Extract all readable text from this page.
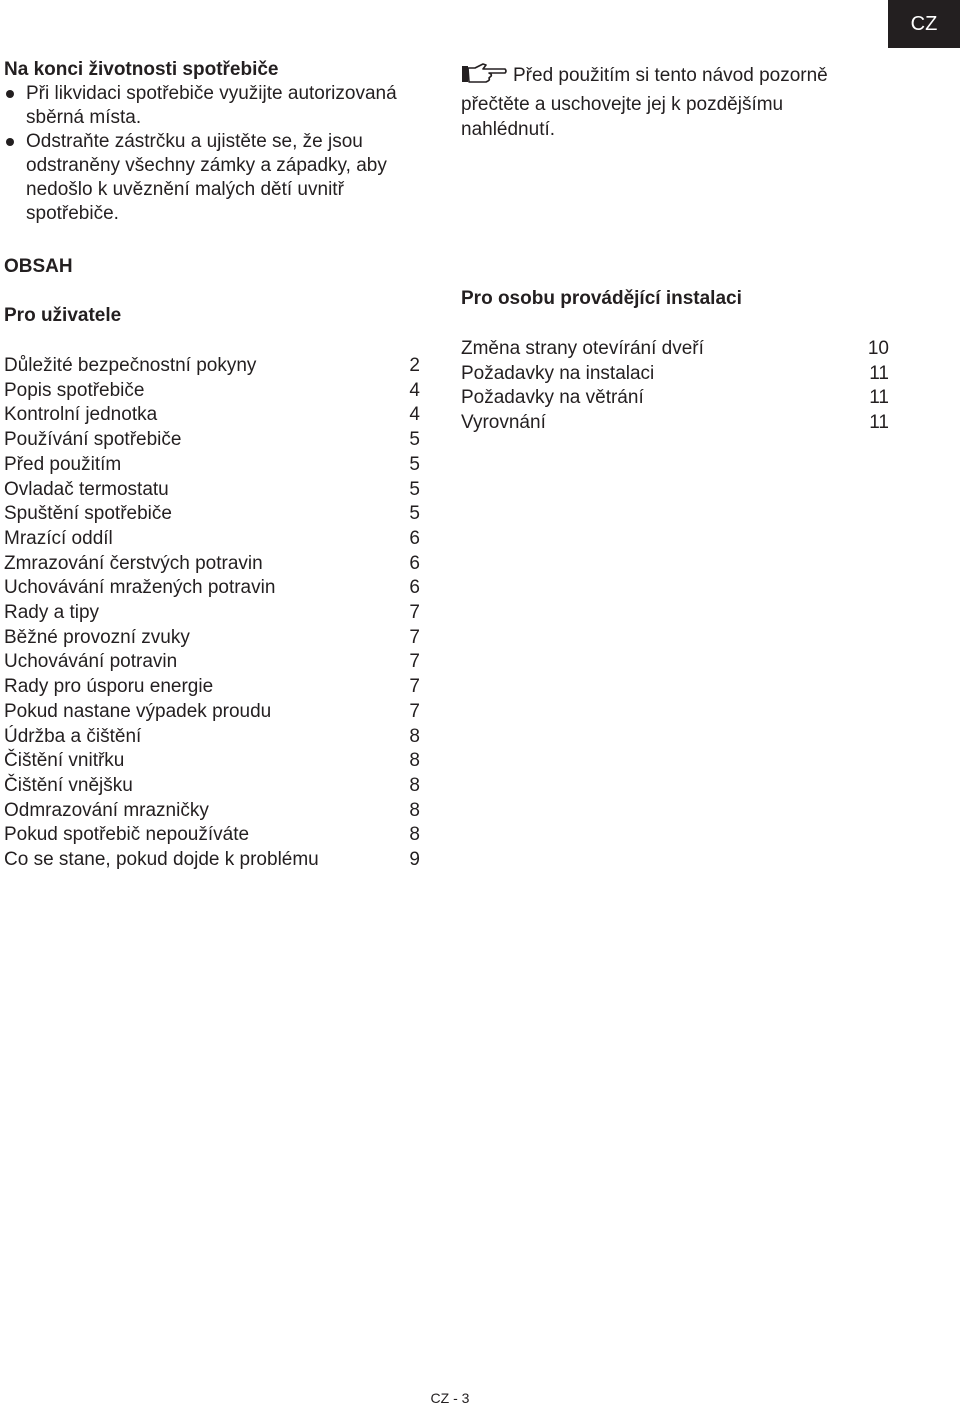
CZ
Na konci životnosti spotřebiče
Při likvidaci spotřebiče využijte autorizovaná sběrná místa.
Odstraňte zástrčku a ujistěte se, že jsou odstraněny všechny zámky a západky, aby nedošlo k uvěznění malých dětí uvnitř spotřebiče.
Před použitím si tento návod pozorně přečtěte a uschovejte jej k pozdějšímu nahlédnutí.
OBSAH
Pro uživatele
Důležité bezpečnostní pokyny	2
Popis spotřebiče	4
Kontrolní jednotka	4
Používání spotřebiče	5
Před použitím	5
Ovladač termostatu	5
Spuštění spotřebiče	5
Mrazící oddíl	6
Zmrazování čerstvých potravin	6
Uchovávání mražených potravin	6
Rady a tipy	7
Běžné provozní zvuky	7
Uchovávání potravin	7
Rady pro úsporu energie	7
Pokud nastane výpadek proudu	7
Údržba a čištění	8
Čištění vnitřku	8
Čištění vnějšku	8
Odmrazování mrazničky	8
Pokud spotřebič nepoužíváte	8
Co se stane, pokud dojde k problému	9
Pro osobu provádějící instalaci
Změna strany otevírání dveří	10
Požadavky na instalaci	11
Požadavky na větrání	11
Vyrovnání	11
CZ - 3
